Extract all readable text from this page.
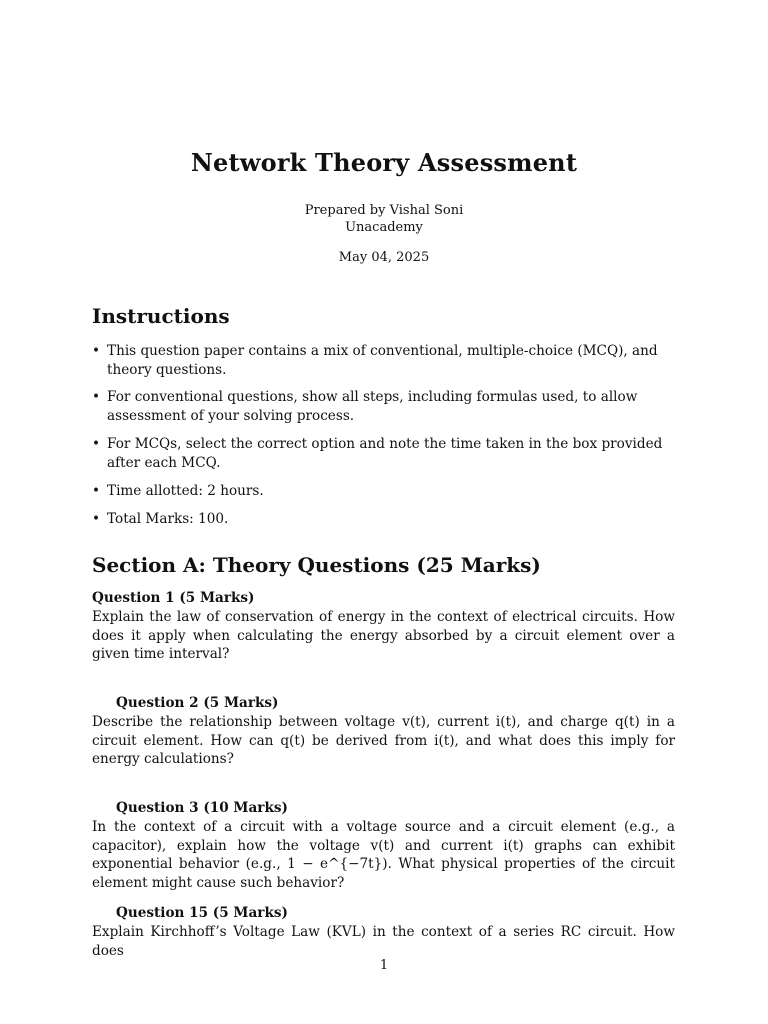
Network Theory Assessment
Prepared by Vishal Soni
Unacademy
May 04, 2025
Instructions
• This question paper contains a mix of conventional, multiple-choice (MCQ), and theory questions.
• For conventional questions, show all steps, including formulas used, to allow assessment of your solving process.
• For MCQs, select the correct option and note the time taken in the box provided after each MCQ.
• Time allotted: 2 hours.
• Total Marks: 100.
Section A: Theory Questions (25 Marks)
Question 1 (5 Marks)
Explain the law of conservation of energy in the context of electrical circuits. How does it apply when calculating the energy absorbed by a circuit element over a given time interval?
Question 2 (5 Marks)
Describe the relationship between voltage v(t), current i(t), and charge q(t) in a circuit element. How can q(t) be derived from i(t), and what does this imply for energy calculations?
Question 3 (10 Marks)
In the context of a circuit with a voltage source and a circuit element (e.g., a capacitor), explain how the voltage v(t) and current i(t) graphs can exhibit exponential behavior (e.g., 1 − e^{−7t}). What physical properties of the circuit element might cause such behavior?
Question 15 (5 Marks)
Explain Kirchhoff’s Voltage Law (KVL) in the context of a series RC circuit. How does
1
